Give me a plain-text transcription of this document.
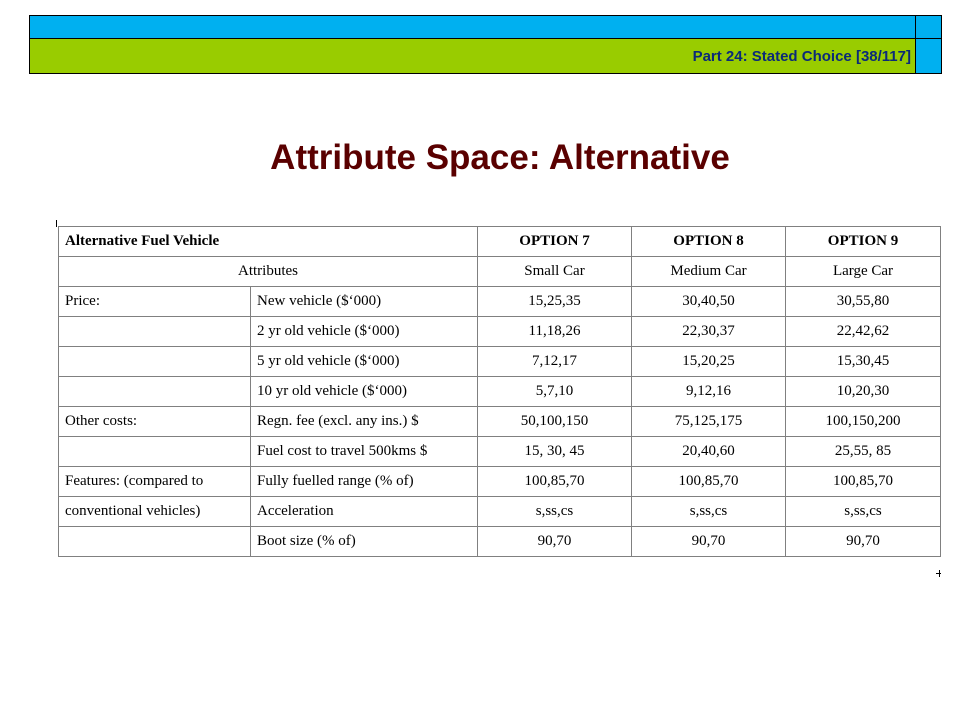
Part 24: Stated Choice [38/117]
Attribute Space: Alternative
Alternative Fuel Vehicle		OPTION 7	OPTION 8	OPTION 9
Attributes		Small Car	Medium Car	Large Car
Price:	New vehicle ($‘000)	15,25,35	30,40,50	30,55,80
	2 yr old vehicle ($‘000)	11,18,26	22,30,37	22,42,62
	5 yr old vehicle ($‘000)	7,12,17	15,20,25	15,30,45
	10 yr old vehicle ($‘000)	5,7,10	9,12,16	10,20,30
Other costs:	Regn. fee (excl. any ins.) $	50,100,150	75,125,175	100,150,200
	Fuel cost to travel 500kms $	15, 30, 45	20,40,60	25,55, 85
Features: (compared to	Fully fuelled range (% of)	100,85,70	100,85,70	100,85,70
conventional vehicles)	Acceleration	s,ss,cs	s,ss,cs	s,ss,cs
	Boot size (% of)	90,70	90,70	90,70
